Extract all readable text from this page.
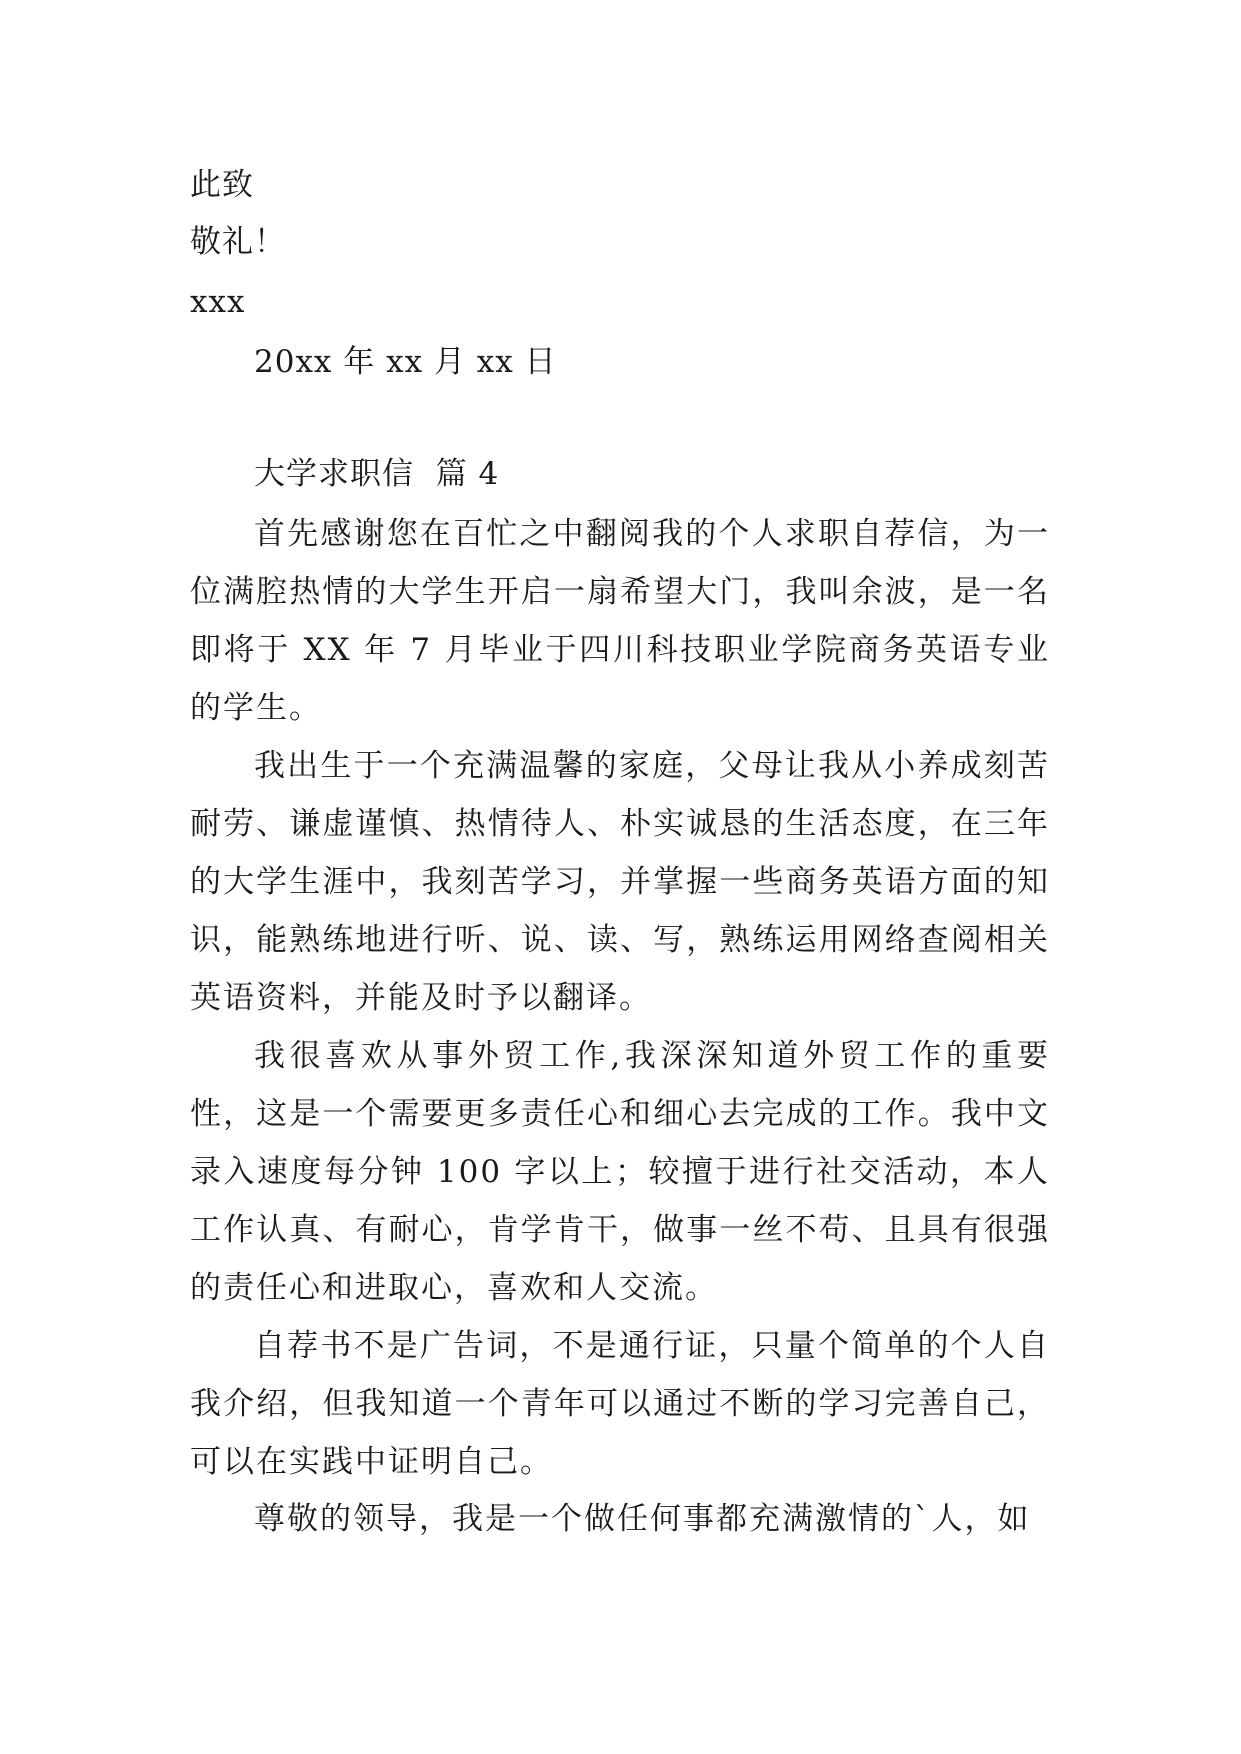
此致
敬礼！
xxx
20xx 年 xx 月 xx 日
大学求职信  篇 4

首先感谢您在百忙之中翻阅我的个人求职自荐信，为一位满腔热情的大学生开启一扇希望大门，我叫余波，是一名即将于 XX 年 7 月毕业于四川科技职业学院商务英语专业的学生。

我出生于一个充满温馨的家庭，父母让我从小养成刻苦耐劳、谦虚谨慎、热情待人、朴实诚恳的生活态度，在三年的大学生涯中，我刻苦学习，并掌握一些商务英语方面的知识，能熟练地进行听、说、读、写，熟练运用网络查阅相关英语资料，并能及时予以翻译。

我很喜欢从事外贸工作,我深深知道外贸工作的重要性，这是一个需要更多责任心和细心去完成的工作。我中文录入速度每分钟 100 字以上；较擅于进行社交活动，本人工作认真、有耐心，肯学肯干，做事一丝不苟、且具有很强的责任心和进取心，喜欢和人交流。

自荐书不是广告词，不是通行证，只量个简单的个人自我介绍，但我知道一个青年可以通过不断的学习完善自己，可以在实践中证明自己。

尊敬的领导，我是一个做任何事都充满激情的`人，如
